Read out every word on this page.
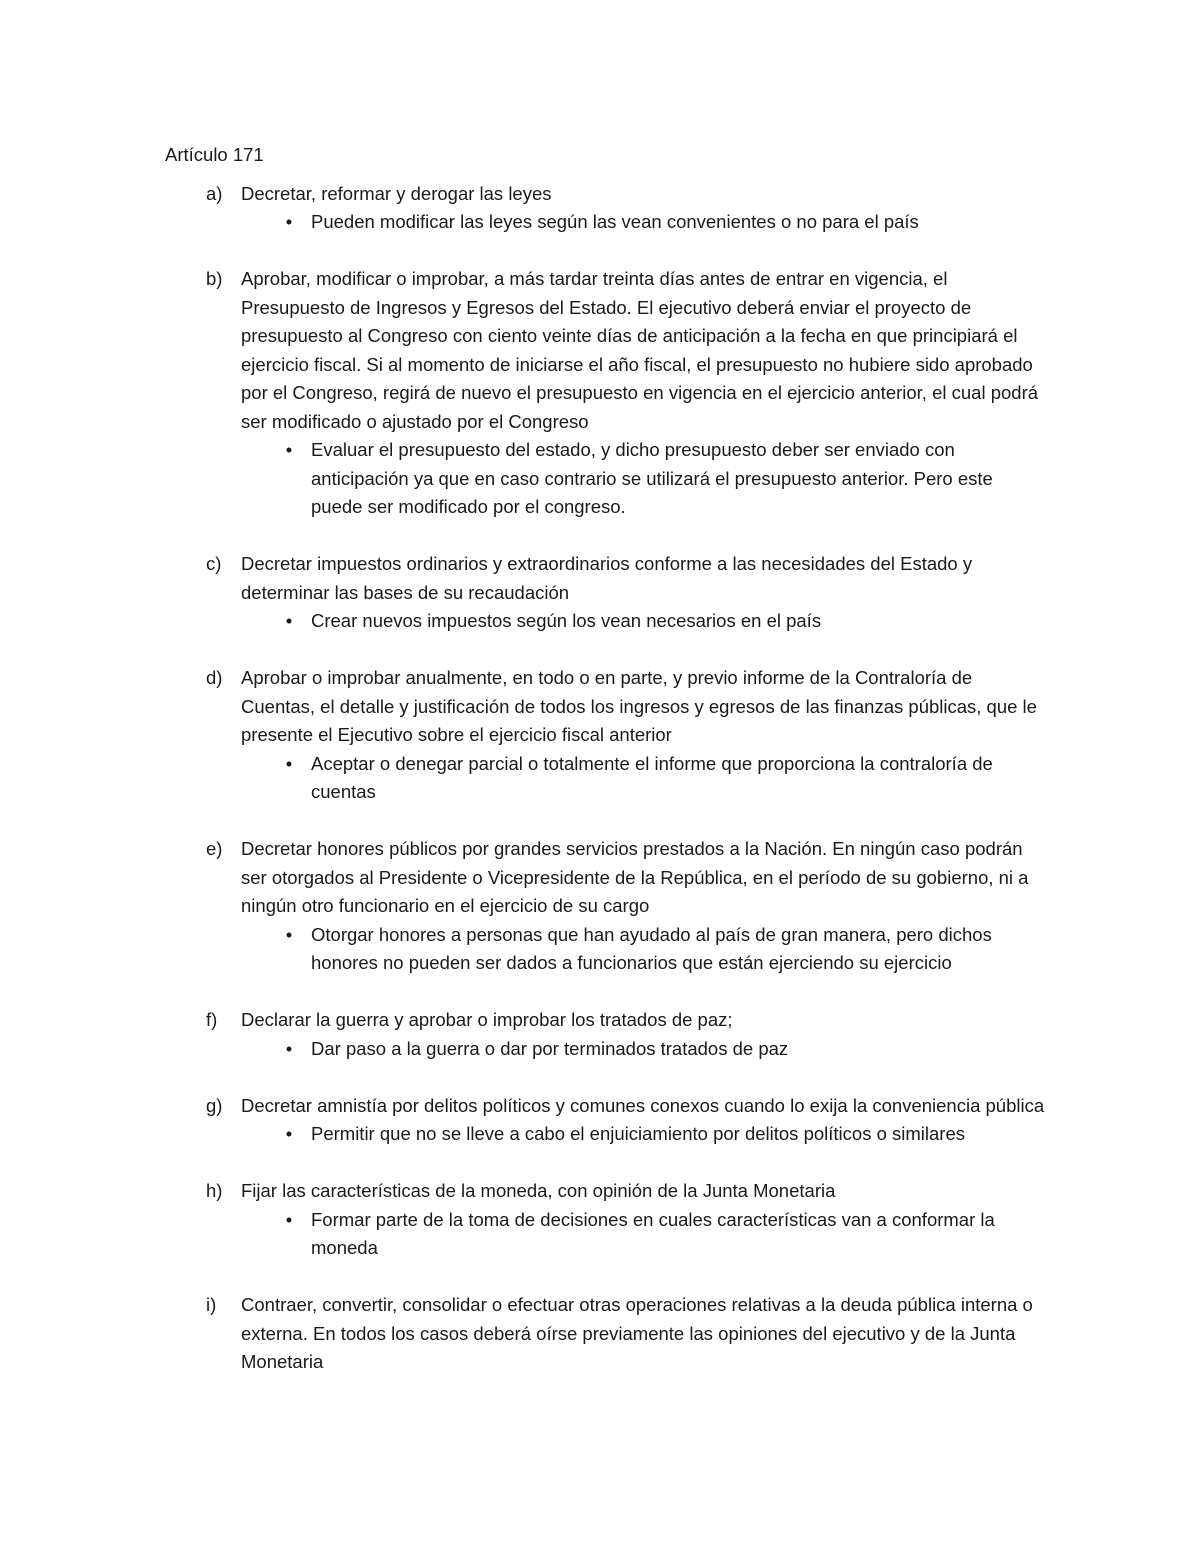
Artículo 171
a)	Decretar, reformar y derogar las leyes
• Pueden modificar las leyes según las vean convenientes o no para el país
b)	Aprobar, modificar o improbar, a más tardar treinta días antes de entrar en vigencia, el Presupuesto de Ingresos y Egresos del Estado. El ejecutivo deberá enviar el proyecto de presupuesto al Congreso con ciento veinte días de anticipación a la fecha en que principiará el ejercicio fiscal. Si al momento de iniciarse el año fiscal, el presupuesto no hubiere sido aprobado por el Congreso, regirá de nuevo el presupuesto en vigencia en el ejercicio anterior, el cual podrá ser modificado o ajustado por el Congreso
• Evaluar el presupuesto del estado, y dicho presupuesto deber ser enviado con anticipación ya que en caso contrario se utilizará el presupuesto anterior. Pero este puede ser modificado por el congreso.
c)	Decretar impuestos ordinarios y extraordinarios conforme a las necesidades del Estado y determinar las bases de su recaudación
• Crear nuevos impuestos según los vean necesarios en el país
d)	Aprobar o improbar anualmente, en todo o en parte, y previo informe de la Contraloría de Cuentas, el detalle y justificación de todos los ingresos y egresos de las finanzas públicas, que le presente el Ejecutivo sobre el ejercicio fiscal anterior
• Aceptar o denegar parcial o totalmente el informe que proporciona la contraloría de cuentas
e)	Decretar honores públicos por grandes servicios prestados a la Nación. En ningún caso podrán ser otorgados al Presidente o Vicepresidente de la República, en el período de su gobierno, ni a ningún otro funcionario en el ejercicio de su cargo
• Otorgar honores a personas que han ayudado al país de gran manera, pero dichos honores no pueden ser dados a funcionarios que están ejerciendo su ejercicio
f)	Declarar la guerra y aprobar o improbar los tratados de paz;
• Dar paso a la guerra o dar por terminados tratados de paz
g)	Decretar amnistía por delitos políticos y comunes conexos cuando lo exija la conveniencia pública
• Permitir que no se lleve a cabo el enjuiciamiento por delitos políticos o similares
h)	Fijar las características de la moneda, con opinión de la Junta Monetaria
• Formar parte de la toma de decisiones en cuales características van a conformar la moneda
i)	Contraer, convertir, consolidar o efectuar otras operaciones relativas a la deuda pública interna o externa. En todos los casos deberá oírse previamente las opiniones del ejecutivo y de la Junta Monetaria
